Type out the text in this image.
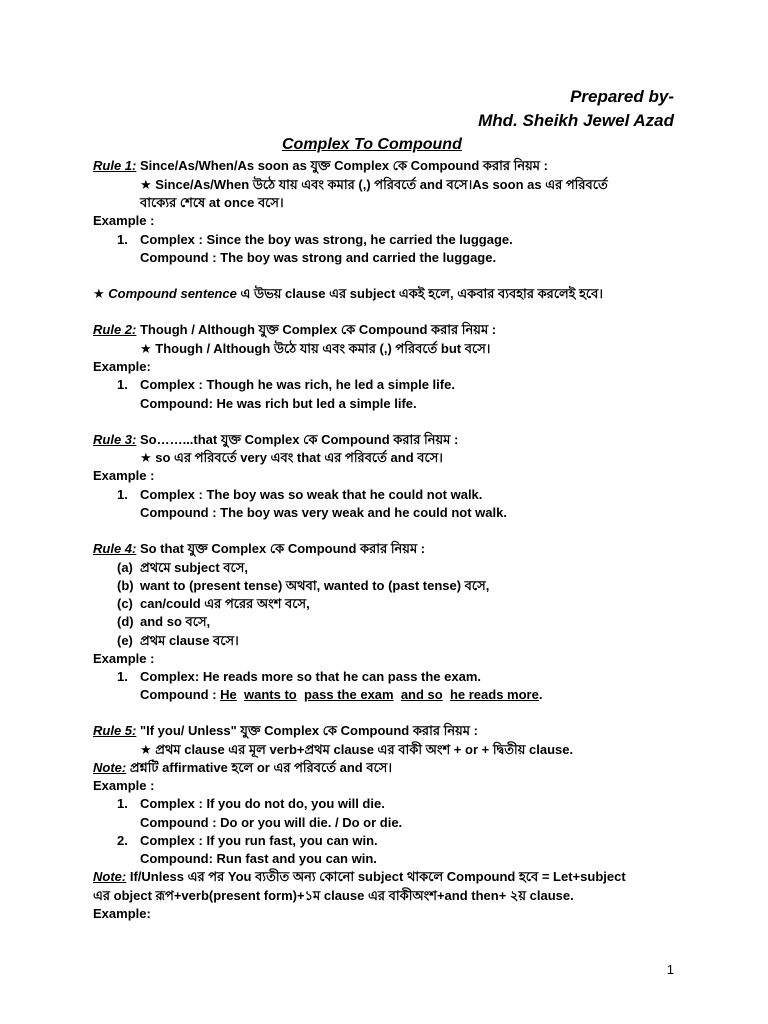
Prepared by-
Mhd. Sheikh Jewel Azad
Complex To Compound
Rule 1: Since/As/When/As soon as যুক্ত Complex কে Compound করার নিয়ম :
★ Since/As/When উঠে যায় এবং কমার (,) পরিবর্তে and বসে।As soon as এর পরিবর্তে
বাক্যের শেষে at once বসে।
Example :
1. Complex : Since the boy was strong, he carried the luggage.
Compound : The boy was strong and carried the luggage.
★ Compound sentence এ উভয় clause এর subject একই হলে, একবার ব্যবহার করলেই হবে।
Rule 2: Though / Although যুক্ত Complex কে Compound করার নিয়ম :
★ Though / Although উঠে যায় এবং কমার (,) পরিবর্তে but বসে।
Example:
1. Complex : Though he was rich, he led a simple life.
Compound: He was rich but led a simple life.
Rule 3: So……...that যুক্ত Complex কে Compound করার নিয়ম :
★ so এর পরিবর্তে very এবং that এর পরিবর্তে and বসে।
Example :
1. Complex : The boy was so weak that he could not walk.
Compound : The boy was very weak and he could not walk.
Rule 4: So that যুক্ত Complex কে Compound করার নিয়ম :
(a) প্রথমে subject বসে,
(b) want to (present tense) অথবা, wanted to (past tense) বসে,
(c) can/could এর পরের অংশ বসে,
(d) and so বসে,
(e) প্রথম clause বসে।
Example :
1. Complex: He reads more so that he can pass the exam.
Compound : He wants to pass the exam and so he reads more.
Rule 5: "If you/ Unless" যুক্ত Complex কে Compound করার নিয়ম :
★ প্রথম clause এর মূল verb+প্রথম clause এর বাকী অংশ + or + দ্বিতীয় clause.
Note: প্রশ্নটি affirmative হলে or এর পরিবর্তে and বসে।
Example :
1. Complex : If you do not do, you will die.
Compound : Do or you will die. / Do or die.
2. Complex : If you run fast, you can win.
Compound: Run fast and you can win.
Note: If/Unless এর পর You ব্যতীত অন্য কোনো subject থাকলে Compound হবে = Let+subject
এর object রূপ+verb(present form)+১ম clause এর বাকীঅংশ+and then+ ২য় clause.
Example:
1
